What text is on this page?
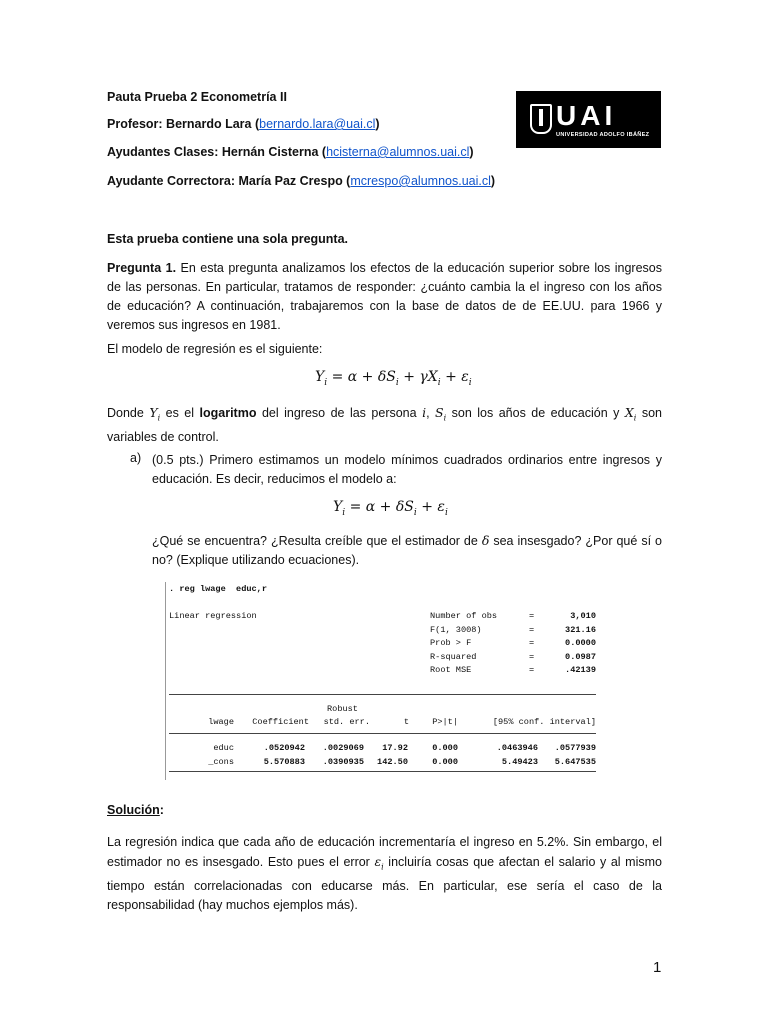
Pauta Prueba 2 Econometría II
Profesor: Bernardo Lara (bernardo.lara@uai.cl)
Ayudantes Clases: Hernán Cisterna (hcisterna@alumnos.uai.cl)
Ayudante Correctora: María Paz Crespo (mcrespo@alumnos.uai.cl)
UAI
UNIVERSIDAD ADOLFO IBÁÑEZ
Esta prueba contiene una sola pregunta.
Pregunta 1. En esta pregunta analizamos los efectos de la educación superior sobre los ingresos de las personas. En particular, tratamos de responder: ¿cuánto cambia la el ingreso con los años de educación? A continuación, trabajaremos con la base de datos de de EE.UU. para 1966 y veremos sus ingresos en 1981.
El modelo de regresión es el siguiente:
$Y_i = \alpha + \delta S_i + \gamma X_i + \varepsilon_i$
Donde $Y_i$ es el logaritmo del ingreso de las persona i, $S_i$ son los años de educación y $X_i$ son variables de control.
a) (0.5 pts.) Primero estimamos un modelo mínimos cuadrados ordinarios entre ingresos y educación. Es decir, reducimos el modelo a:
$Y_i = \alpha + \delta S_i + \varepsilon_i$
¿Qué se encuentra? ¿Resulta creíble que el estimador de δ sea insesgado? ¿Por qué sí o no? (Explique utilizando ecuaciones).
. reg lwage  educ,r
Linear regression	Number of obs	=	3,010
F(1, 3008)	=	321.16
Prob > F	=	0.0000
R-squared	=	0.0987
Root MSE	=	.42139
Robust
lwage Coefficient std. err.	t	P>|t|	[95% conf. interval]
educ	.0520942 .0029069 17.92	0.000	.0463946 .0577939
_cons	5.570883 .0390935 142.50	0.000	5.49423 5.647535
Solución:
La regresión indica que cada año de educación incrementaría el ingreso en 5.2%. Sin embargo, el estimador no es insesgado. Esto pues el error $\varepsilon_i$ incluiría cosas que afectan el salario y al mismo tiempo están correlacionadas con educarse más. En particular, ese sería el caso de la responsabilidad (hay muchos ejemplos más).
1
